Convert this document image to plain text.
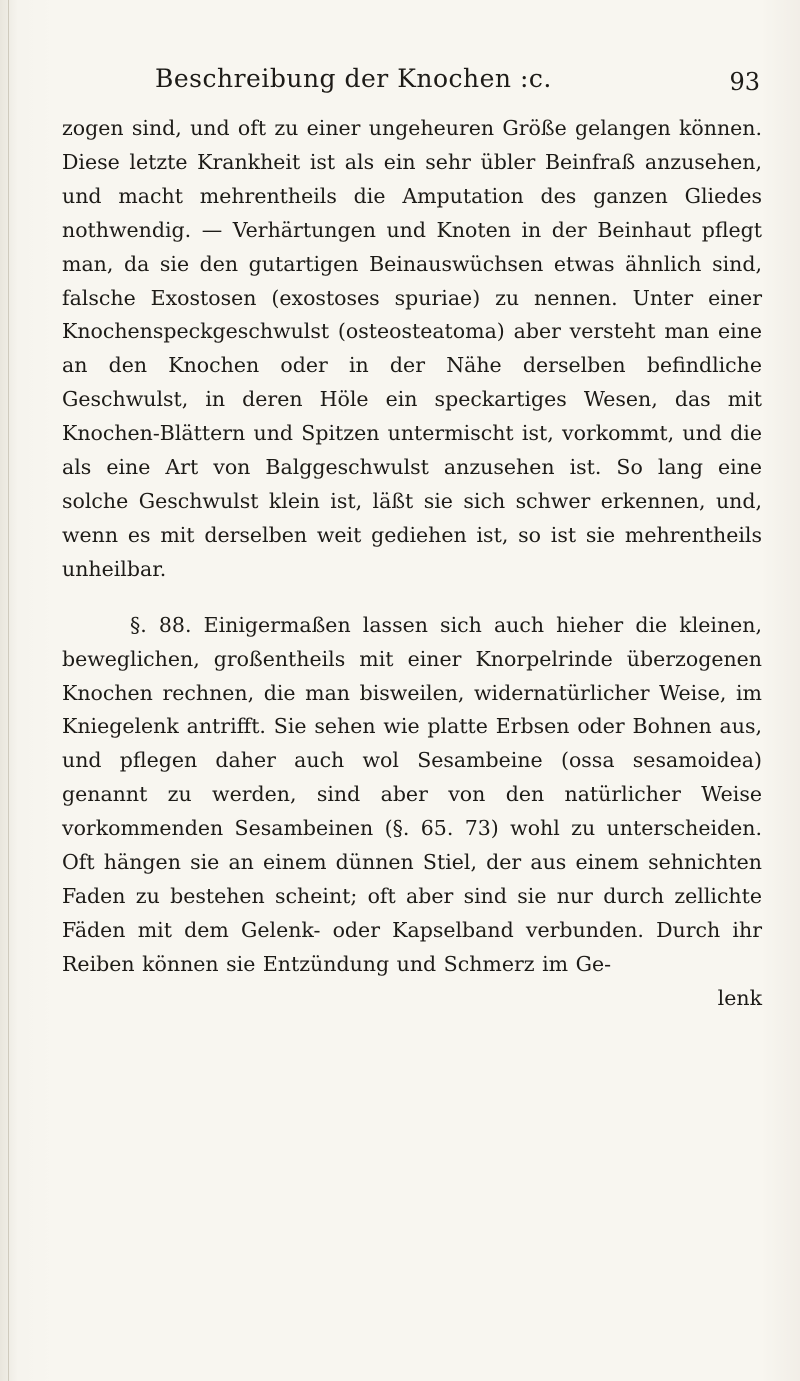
Beschreibung der Knochen :c.	93

zogen sind, und oft zu einer ungeheuren Größe gelangen können. Diese letzte Krankheit ist als ein sehr übler Beinfraß anzusehen, und macht mehrentheils die Amputation des ganzen Gliedes nothwendig. — Verhärtungen und Knoten in der Beinhaut pflegt man, da sie den gutartigen Beinauswüchsen etwas ähnlich sind, falsche Exostosen (exostoses spuriae) zu nennen. Unter einer Knochenspeckgeschwulst (osteosteatoma) aber versteht man eine an den Knochen oder in der Nähe derselben befindliche Geschwulst, in deren Höle ein speckartiges Wesen, das mit Knochen-Blättern und Spitzen untermischt ist, vorkommt, und die als eine Art von Balggeschwulst anzusehen ist. So lang eine solche Geschwulst klein ist, läßt sie sich schwer erkennen, und, wenn es mit derselben weit gediehen ist, so ist sie mehrentheils unheilbar.

§. 88. Einigermaßen lassen sich auch hieher die kleinen, beweglichen, großentheils mit einer Knorpelrinde überzogenen Knochen rechnen, die man bisweilen, widernatürlicher Weise, im Kniegelenk antrifft. Sie sehen wie platte Erbsen oder Bohnen aus, und pflegen daher auch wol Sesambeine (ossa sesamoidea) genannt zu werden, sind aber von den natürlicher Weise vorkommenden Sesambeinen (§. 65. 73) wohl zu unterscheiden. Oft hängen sie an einem dünnen Stiel, der aus einem sehnichten Faden zu bestehen scheint; oft aber sind sie nur durch zellichte Fäden mit dem Gelenk- oder Kapselband verbunden. Durch ihr Reiben können sie Entzündung und Schmerz im Ge-

lenk
